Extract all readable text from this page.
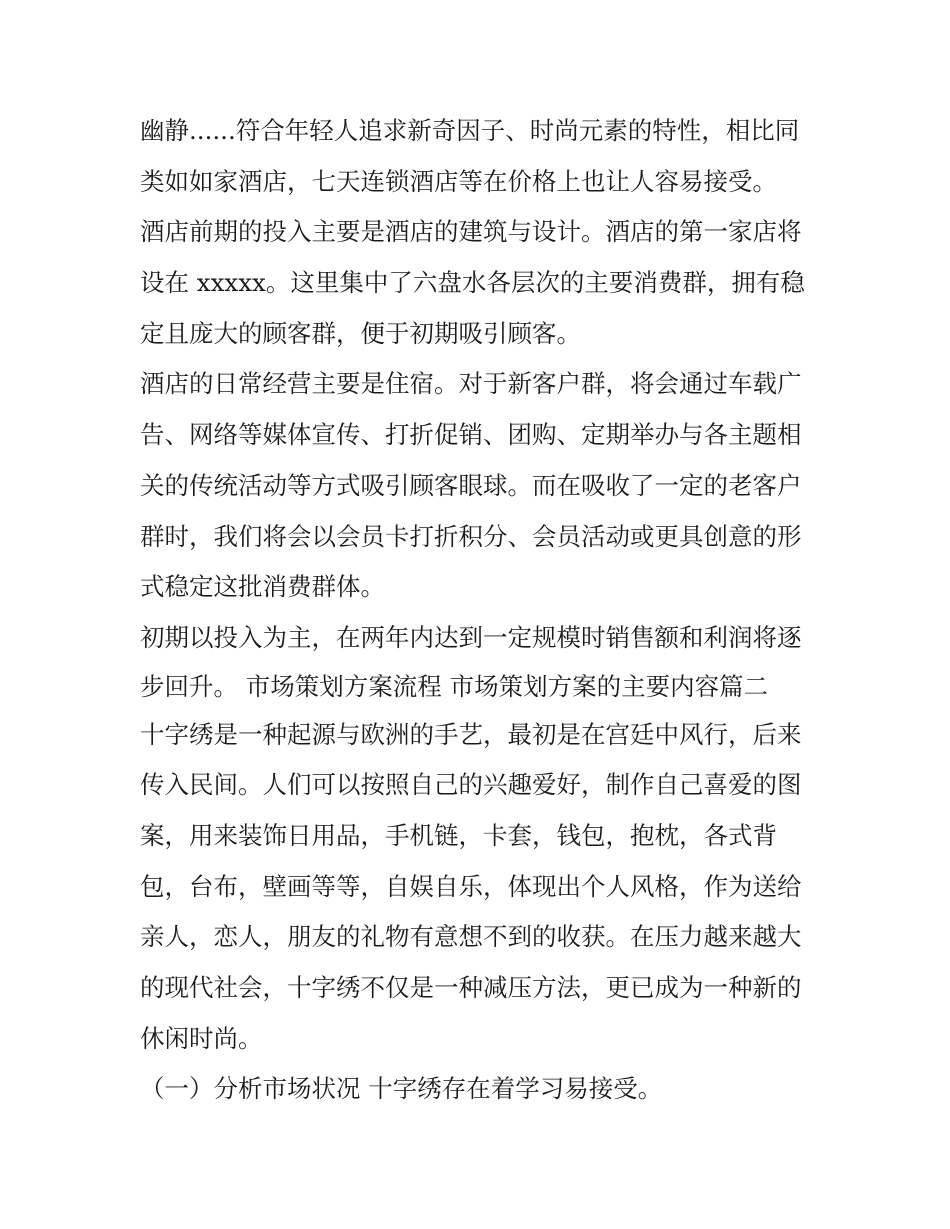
幽静......符合年轻人追求新奇因子、时尚元素的特性，相比同
类如如家酒店，七天连锁酒店等在价格上也让人容易接受。
酒店前期的投入主要是酒店的建筑与设计。酒店的第一家店将
设在 xxxxx。这里集中了六盘水各层次的主要消费群，拥有稳
定且庞大的顾客群，便于初期吸引顾客。
酒店的日常经营主要是住宿。对于新客户群，将会通过车载广
告、网络等媒体宣传、打折促销、团购、定期举办与各主题相
关的传统活动等方式吸引顾客眼球。而在吸收了一定的老客户
群时，我们将会以会员卡打折积分、会员活动或更具创意的形
式稳定这批消费群体。
初期以投入为主，在两年内达到一定规模时销售额和利润将逐
步回升。 市场策划方案流程 市场策划方案的主要内容篇二
十字绣是一种起源与欧洲的手艺，最初是在宫廷中风行，后来
传入民间。人们可以按照自己的兴趣爱好，制作自己喜爱的图
案，用来装饰日用品，手机链，卡套，钱包，抱枕，各式背
包，台布，壁画等等，自娱自乐，体现出个人风格，作为送给
亲人，恋人，朋友的礼物有意想不到的收获。在压力越来越大
的现代社会，十字绣不仅是一种减压方法，更已成为一种新的
休闲时尚。
（一）分析市场状况 十字绣存在着学习易接受。
